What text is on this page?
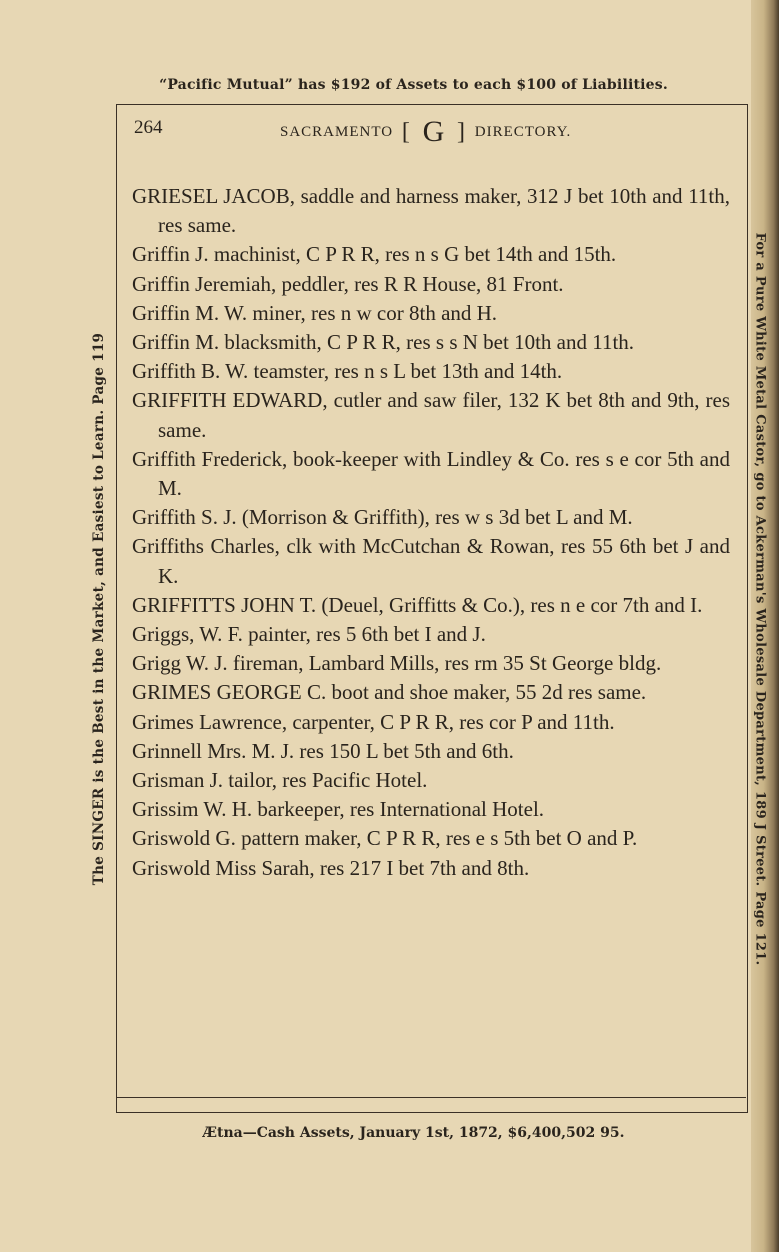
“Pacific Mutual” has $192 of Assets to each $100 of Liabilities.
264	SACRAMENTO [ G ] DIRECTORY.
The SINGER is the Best in the Market, and Easiest to Learn. Page 119	For a Pure White Metal Castor, go to Ackerman's Wholesale Department, 189 J Street. Page 121.
GRIESEL JACOB, saddle and harness maker, 312 J bet 10th and 11th, res same.
Griffin J. machinist, C P R R, res n s G bet 14th and 15th.
Griffin Jeremiah, peddler, res R R House, 81 Front.
Griffin M. W. miner, res n w cor 8th and H.
Griffin M. blacksmith, C P R R, res s s N bet 10th and 11th.
Griffith B. W. teamster, res n s L bet 13th and 14th.
GRIFFITH EDWARD, cutler and saw filer, 132 K bet 8th and 9th, res same.
Griffith Frederick, book-keeper with Lindley & Co. res s e cor 5th and M.
Griffith S. J. (Morrison & Griffith), res w s 3d bet L and M.
Griffiths Charles, clk with McCutchan & Rowan, res 55 6th bet J and K.
GRIFFITTS JOHN T. (Deuel, Griffitts & Co.), res n e cor 7th and I.
Griggs, W. F. painter, res 5 6th bet I and J.
Grigg W. J. fireman, Lambard Mills, res rm 35 St George bldg.
GRIMES GEORGE C. boot and shoe maker, 55 2d res same.
Grimes Lawrence, carpenter, C P R R, res cor P and 11th.
Grinnell Mrs. M. J. res 150 L bet 5th and 6th.
Grisman J. tailor, res Pacific Hotel.
Grissim W. H. barkeeper, res International Hotel.
Griswold G. pattern maker, C P R R, res e s 5th bet O and P.
Griswold Miss Sarah, res 217 I bet 7th and 8th.
Ætna—Cash Assets, January 1st, 1872, $6,400,502 95.
